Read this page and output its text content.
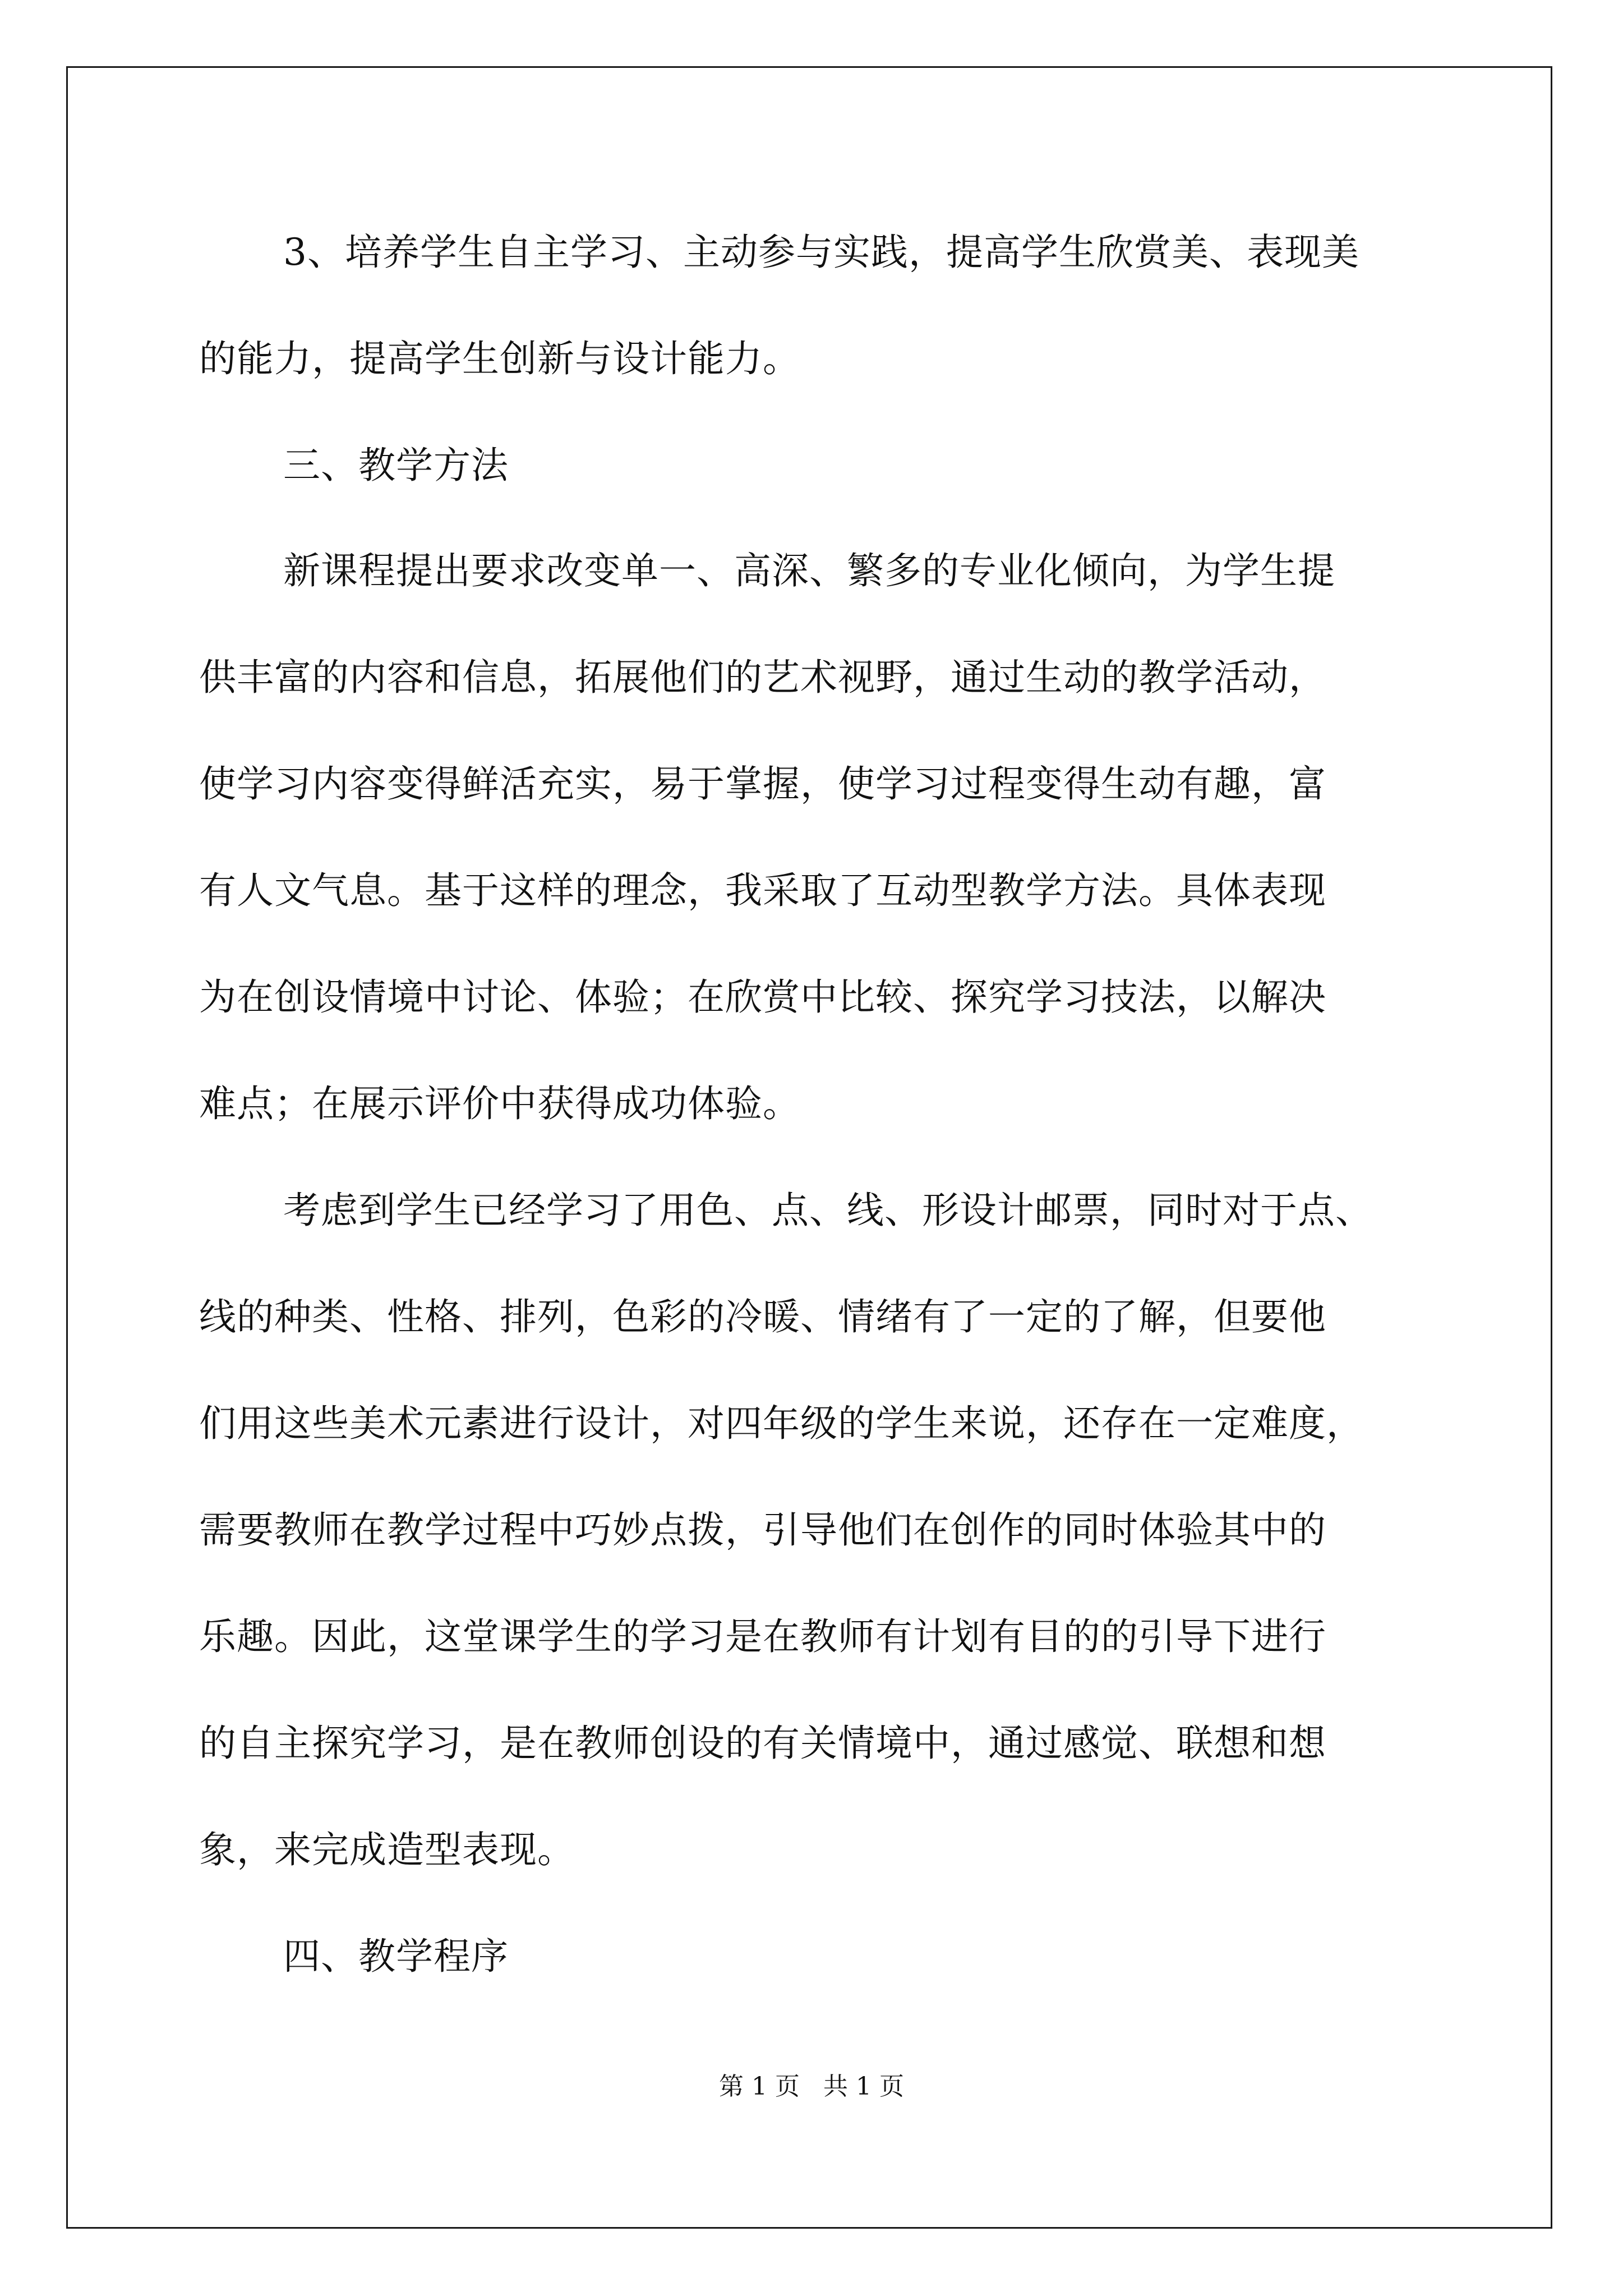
3、培养学生自主学习、主动参与实践，提高学生欣赏美、表现美
的能力，提高学生创新与设计能力。
三、教学方法
新课程提出要求改变单一、高深、繁多的专业化倾向，为学生提
供丰富的内容和信息，拓展他们的艺术视野，通过生动的教学活动，
使学习内容变得鲜活充实，易于掌握，使学习过程变得生动有趣，富
有人文气息。基于这样的理念，我采取了互动型教学方法。具体表现
为在创设情境中讨论、体验；在欣赏中比较、探究学习技法，以解决
难点；在展示评价中获得成功体验。
考虑到学生已经学习了用色、点、线、形设计邮票，同时对于点、
线的种类、性格、排列，色彩的冷暖、情绪有了一定的了解，但要他
们用这些美术元素进行设计，对四年级的学生来说，还存在一定难度，
需要教师在教学过程中巧妙点拨，引导他们在创作的同时体验其中的
乐趣。因此，这堂课学生的学习是在教师有计划有目的的引导下进行
的自主探究学习，是在教师创设的有关情境中，通过感觉、联想和想
象，来完成造型表现。
四、教学程序
第 1 页   共 1 页
